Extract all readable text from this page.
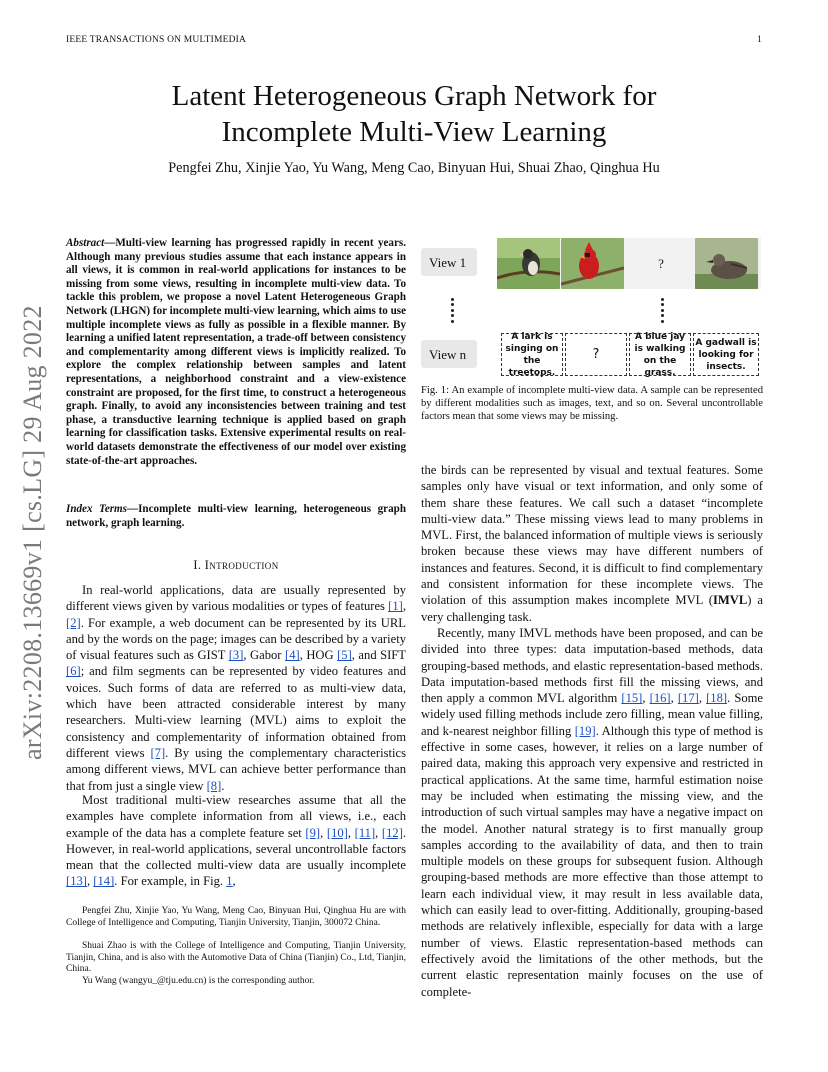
IEEE TRANSACTIONS ON MULTIMEDIA	1
arXiv:2208.13669v1 [cs.LG] 29 Aug 2022
Latent Heterogeneous Graph Network for
Incomplete Multi-View Learning
Pengfei Zhu, Xinjie Yao, Yu Wang, Meng Cao, Binyuan Hui, Shuai Zhao, Qinghua Hu
Abstract—Multi-view learning has progressed rapidly in recent years. Although many previous studies assume that each instance appears in all views, it is common in real-world applications for instances to be missing from some views, resulting in incomplete multi-view data. To tackle this problem, we propose a novel Latent Heterogeneous Graph Network (LHGN) for incomplete multi-view learning, which aims to use multiple incomplete views as fully as possible in a flexible manner. By learning a unified latent representation, a trade-off between consistency and complementarity among different views is implicitly realized. To explore the complex relationship between samples and latent representations, a neighborhood constraint and a view-existence constraint are proposed, for the first time, to construct a heterogeneous graph. Finally, to avoid any inconsistencies between training and test phase, a transductive learning technique is applied based on graph learning for classification tasks. Extensive experimental results on real-world datasets demonstrate the effectiveness of our model over existing state-of-the-art approaches.
Index Terms—Incomplete multi-view learning, heterogeneous graph network, graph learning.
I. Introduction

In real-world applications, data are usually represented by different views given by various modalities or types of features [1], [2]. For example, a web document can be represented by its URL and by the words on the page; images can be described by a variety of visual features such as GIST [3], Gabor [4], HOG [5], and SIFT [6]; and film segments can be represented by video features and voices. Such forms of data are referred to as multi-view data, which have been attracted considerable interest by many researchers. Multi-view learning (MVL) aims to exploit the consistency and complementarity of information obtained from different views [7]. By using the complementary characteristics among different views, MVL can achieve better performance than that from just a single view [8].

Most traditional multi-view researches assume that all the examples have complete information from all views, i.e., each example of the data has a complete feature set [9], [10], [11], [12]. However, in real-world applications, several uncontrollable factors mean that the collected multi-view data are usually incomplete [13], [14]. For example, in Fig. 1,

Pengfei Zhu, Xinjie Yao, Yu Wang, Meng Cao, Binyuan Hui, Qinghua Hu are with College of Intelligence and Computing, Tianjin University, Tianjin, 300072 China.

Shuai Zhao is with the College of Intelligence and Computing, Tianjin University, Tianjin, China, and is also with the Automotive Data of China (Tianjin) Co., Ltd, Tianjin, China.

Yu Wang (wangyu_@tju.edu.cn) is the corresponding author.

View 1
View n
?
A lark is singing on the treetops.
?
A blue jay is walking on the grass.
A gadwall is looking for insects.
Fig. 1: An example of incomplete multi-view data. A sample can be represented by different modalities such as images, text, and so on. Several uncontrollable factors mean that some views may be missing.

the birds can be represented by visual and textual features. Some samples only have visual or text information, and only some of them share these features. We call such a dataset “incomplete multi-view data.” These missing views lead to many problems in MVL. First, the balanced information of multiple views is seriously broken because these views may have different numbers of instances and features. Second, it is difficult to find complementary and consistent information for these incomplete views. The violation of this assumption makes incomplete MVL (IMVL) a very challenging task.

Recently, many IMVL methods have been proposed, and can be divided into three types: data imputation-based methods, data grouping-based methods, and elastic representation-based methods. Data imputation-based methods first fill the missing views, and then apply a common MVL algorithm [15], [16], [17], [18]. Some widely used filling methods include zero filling, mean value filling, and k-nearest neighbor filling [19]. Although this type of method is effective in some cases, however, it relies on a large number of paired data, making this approach very expensive and restricted in practical applications. At the same time, harmful estimation noise may be included when estimating the missing view, and the introduction of such virtual samples may have a negative impact on the model. Another natural strategy is to first manually group samples according to the availability of data, and then to train multiple models on these groups for subsequent fusion. Although grouping-based methods are more effective than those attempt to learn each individual view, it may result in less available data, which can easily lead to over-fitting. Additionally, grouping-based methods are relatively inflexible, especially for data with a large number of views. Elastic representation-based methods can effectively avoid the limitations of the other methods, but the current elastic representation mainly focuses on the use of complete-
